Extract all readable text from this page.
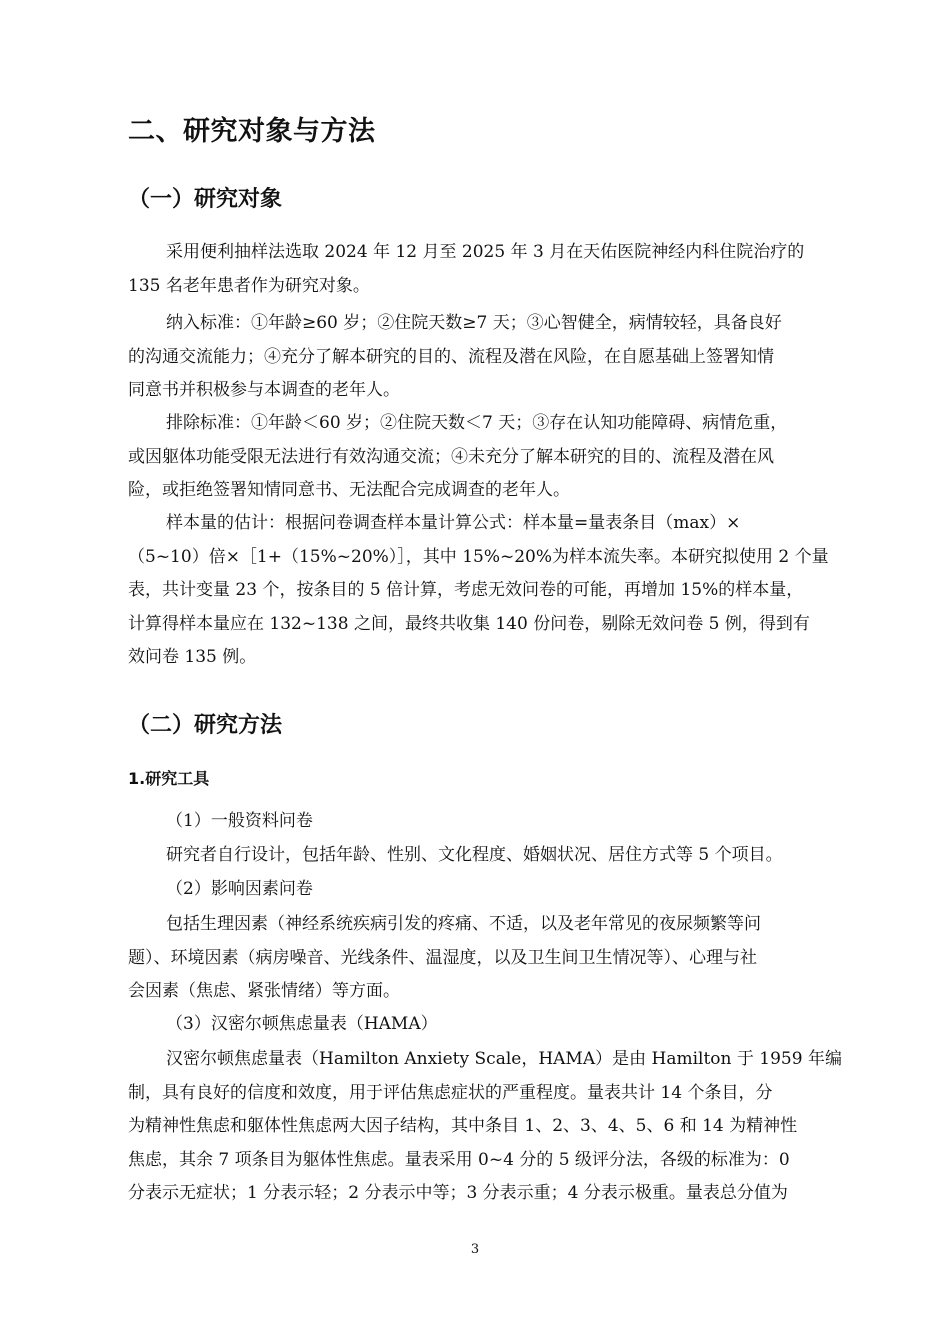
二、研究对象与方法
（一）研究对象
采用便利抽样法选取 2024 年 12 月至 2025 年 3 月在天佑医院神经内科住院治疗的
135 名老年患者作为研究对象。
纳入标准：①年龄≥60 岁；②住院天数≥7 天；③心智健全，病情较轻，具备良好
的沟通交流能力；④充分了解本研究的目的、流程及潜在风险，在自愿基础上签署知情
同意书并积极参与本调查的老年人。
排除标准：①年龄＜60 岁；②住院天数＜7 天；③存在认知功能障碍、病情危重，
或因躯体功能受限无法进行有效沟通交流；④未充分了解本研究的目的、流程及潜在风
险，或拒绝签署知情同意书、无法配合完成调查的老年人。
样本量的估计：根据问卷调查样本量计算公式：样本量=量表条目（max）×
（5~10）倍×［1+（15%~20%）］，其中 15%~20%为样本流失率。本研究拟使用 2 个量
表，共计变量 23 个，按条目的 5 倍计算，考虑无效问卷的可能，再增加 15%的样本量，
计算得样本量应在 132~138 之间，最终共收集 140 份问卷，剔除无效问卷 5 例，得到有
效问卷 135 例。
（二）研究方法
1.研究工具
（1）一般资料问卷
研究者自行设计，包括年龄、性别、文化程度、婚姻状况、居住方式等 5 个项目。
（2）影响因素问卷
包括生理因素（神经系统疾病引发的疼痛、不适，以及老年常见的夜尿频繁等问
题）、环境因素（病房噪音、光线条件、温湿度，以及卫生间卫生情况等）、心理与社
会因素（焦虑、紧张情绪）等方面。
（3）汉密尔顿焦虑量表（HAMA）
汉密尔顿焦虑量表（Hamilton Anxiety Scale，HAMA）是由 Hamilton 于 1959 年编
制，具有良好的信度和效度，用于评估焦虑症状的严重程度。量表共计 14 个条目，分
为精神性焦虑和躯体性焦虑两大因子结构，其中条目 1、2、3、4、5、6 和 14 为精神性
焦虑，其余 7 项条目为躯体性焦虑。量表采用 0~4 分的 5 级评分法，各级的标准为：0
分表示无症状；1 分表示轻；2 分表示中等；3 分表示重；4 分表示极重。量表总分值为
3
